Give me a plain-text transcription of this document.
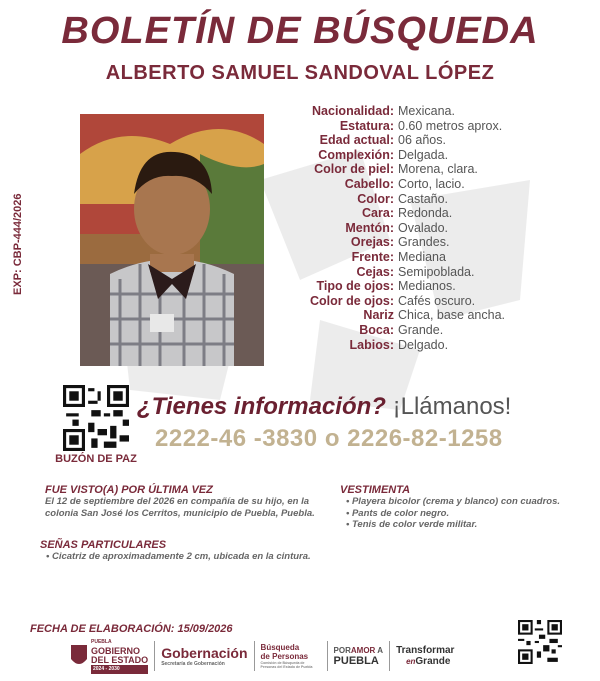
BOLETÍN DE BÚSQUEDA
ALBERTO SAMUEL SANDOVAL LÓPEZ
EXP: CBP-444/2026
Nacionalidad: Mexicana.
Estatura: 0.60 metros aprox.
Edad actual: 06 años.
Complexión: Delgada.
Color de piel: Morena, clara.
Cabello: Corto, lacio.
Color: Castaño.
Cara: Redonda.
Mentón: Ovalado.
Orejas: Grandes.
Frente: Mediana
Cejas: Semipoblada.
Tipo de ojos: Medianos.
Color de ojos: Cafés oscuro.
Nariz Chica, base ancha.
Boca: Grande.
Labios: Delgado.
BUZÓN DE PAZ
¿Tienes información? ¡Llámanos!
2222-46 -3830 o 2226-82-1258
FUE VISTO(A) POR ÚLTIMA VEZ
El 12 de septiembre del 2026 en compañía de su hijo, en la colonia San José los Cerritos, municipio de Puebla, Puebla.
VESTIMENTA
• Playera bicolor (crema y blanco) con cuadros.
• Pants de color negro.
• Tenis de color verde militar.
SEÑAS PARTICULARES
• Cicatriz de aproximadamente 2 cm, ubicada en la cintura.
FECHA DE ELABORACIÓN: 15/09/2026
PUEBLA
GOBIERNO
DEL ESTADO
2024 - 2030
Gobernación
Secretaría de Gobernación
Búsqueda
de Personas
Comisión de Búsqueda de Personas del Estado de Puebla
PORAMOR A
PUEBLA
Transformar
enGrande
